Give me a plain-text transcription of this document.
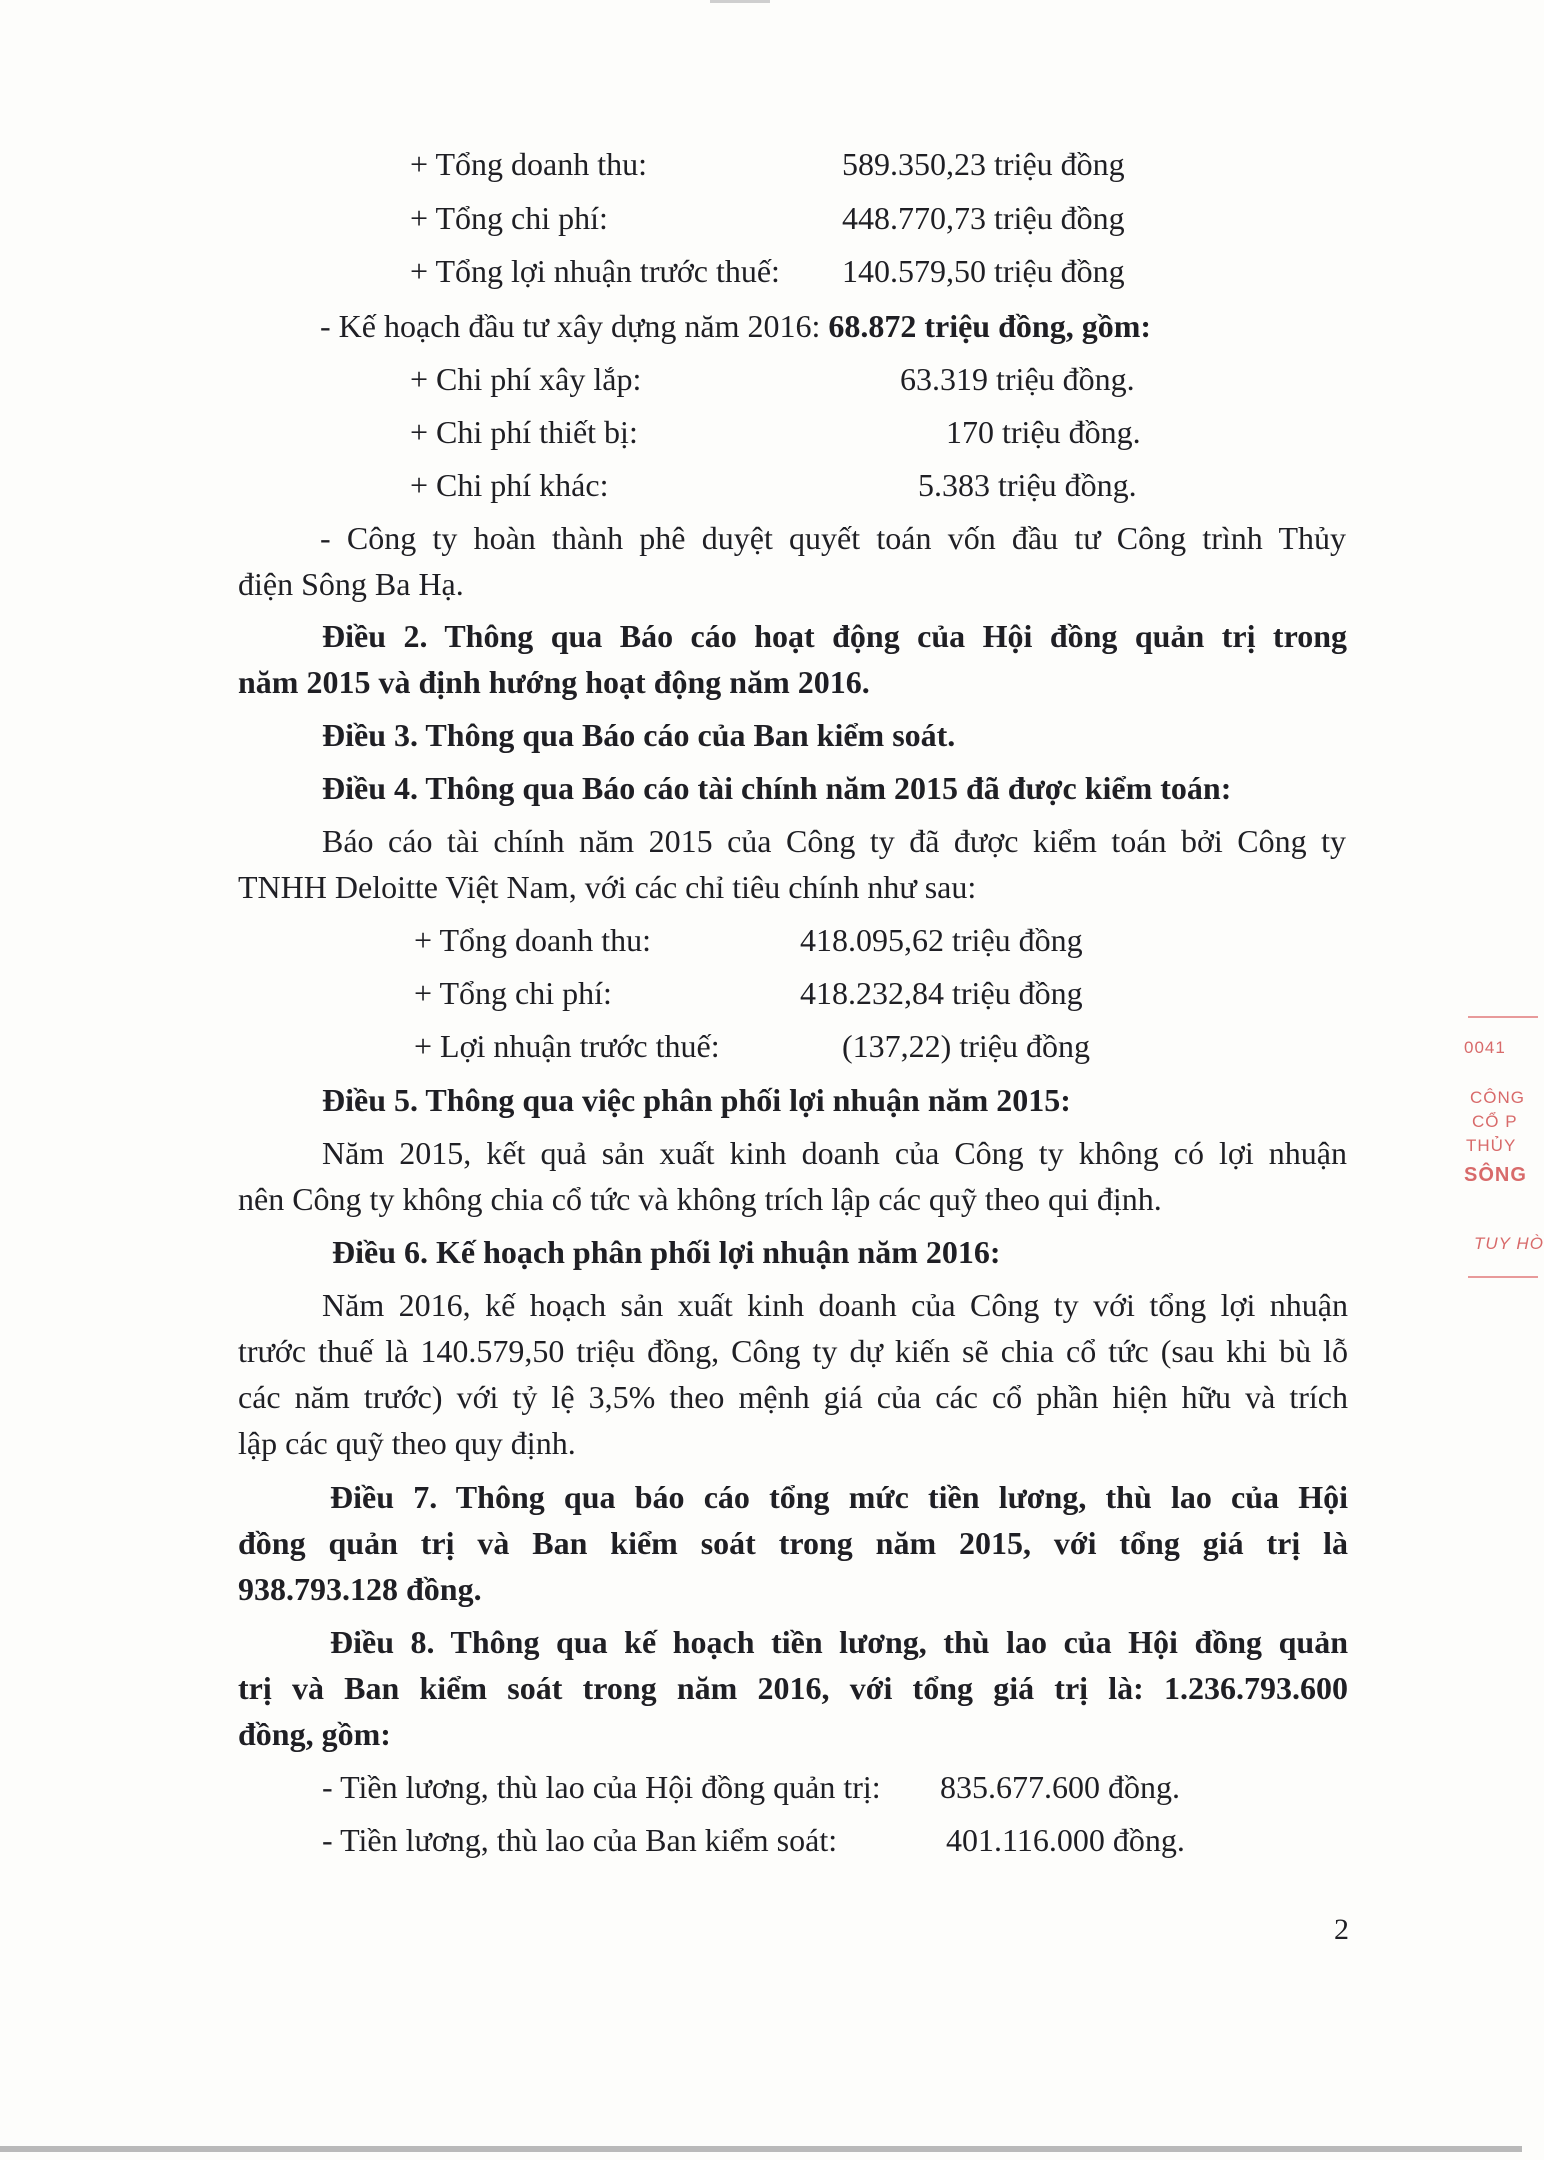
+ Tổng doanh thu:	589.350,23 triệu đồng
+ Tổng chi phí:	448.770,73 triệu đồng
+ Tổng lợi nhuận trước thuế: 140.579,50 triệu đồng
- Kế hoạch đầu tư xây dựng năm 2016: 68.872 triệu đồng, gồm:
+ Chi phí xây lắp:	63.319 triệu đồng.
+ Chi phí thiết bị:	170 triệu đồng.
+ Chi phí khác:	5.383 triệu đồng.
- Công ty hoàn thành phê duyệt quyết toán vốn đầu tư Công trình Thủy
điện Sông Ba Hạ.
Điều 2. Thông qua Báo cáo hoạt động của Hội đồng quản trị trong
năm 2015 và định hướng hoạt động năm 2016.
Điều 3. Thông qua Báo cáo của Ban kiểm soát.
Điều 4. Thông qua Báo cáo tài chính năm 2015 đã được kiểm toán:
Báo cáo tài chính năm 2015 của Công ty đã được kiểm toán bởi Công ty
TNHH Deloitte Việt Nam, với các chỉ tiêu chính như sau:
+ Tổng doanh thu:	418.095,62 triệu đồng
+ Tổng chi phí:	418.232,84 triệu đồng
+ Lợi nhuận trước thuế:	(137,22) triệu đồng
Điều 5. Thông qua việc phân phối lợi nhuận năm 2015:
Năm 2015, kết quả sản xuất kinh doanh của Công ty không có lợi nhuận
nên Công ty không chia cổ tức và không trích lập các quỹ theo qui định.
Điều 6. Kế hoạch phân phối lợi nhuận năm 2016:
Năm 2016, kế hoạch sản xuất kinh doanh của Công ty với tổng lợi nhuận
trước thuế là 140.579,50 triệu đồng, Công ty dự kiến sẽ chia cổ tức (sau khi bù lỗ
các năm trước) với tỷ lệ 3,5% theo mệnh giá của các cổ phần hiện hữu và trích
lập các quỹ theo quy định.
Điều 7. Thông qua báo cáo tổng mức tiền lương, thù lao của Hội
đồng quản trị và Ban kiểm soát trong năm 2015, với tổng giá trị là
938.793.128 đồng.
Điều 8. Thông qua kế hoạch tiền lương, thù lao của Hội đồng quản
trị và Ban kiểm soát trong năm 2016, với tổng giá trị là: 1.236.793.600
đồng, gồm:
- Tiền lương, thù lao của Hội đồng quản trị: 835.677.600 đồng.
- Tiền lương, thù lao của Ban kiểm soát:	401.116.000 đồng.
2
0041
CÔNG
CỔ P
THỦY
SÔNG
TUY HÒ
